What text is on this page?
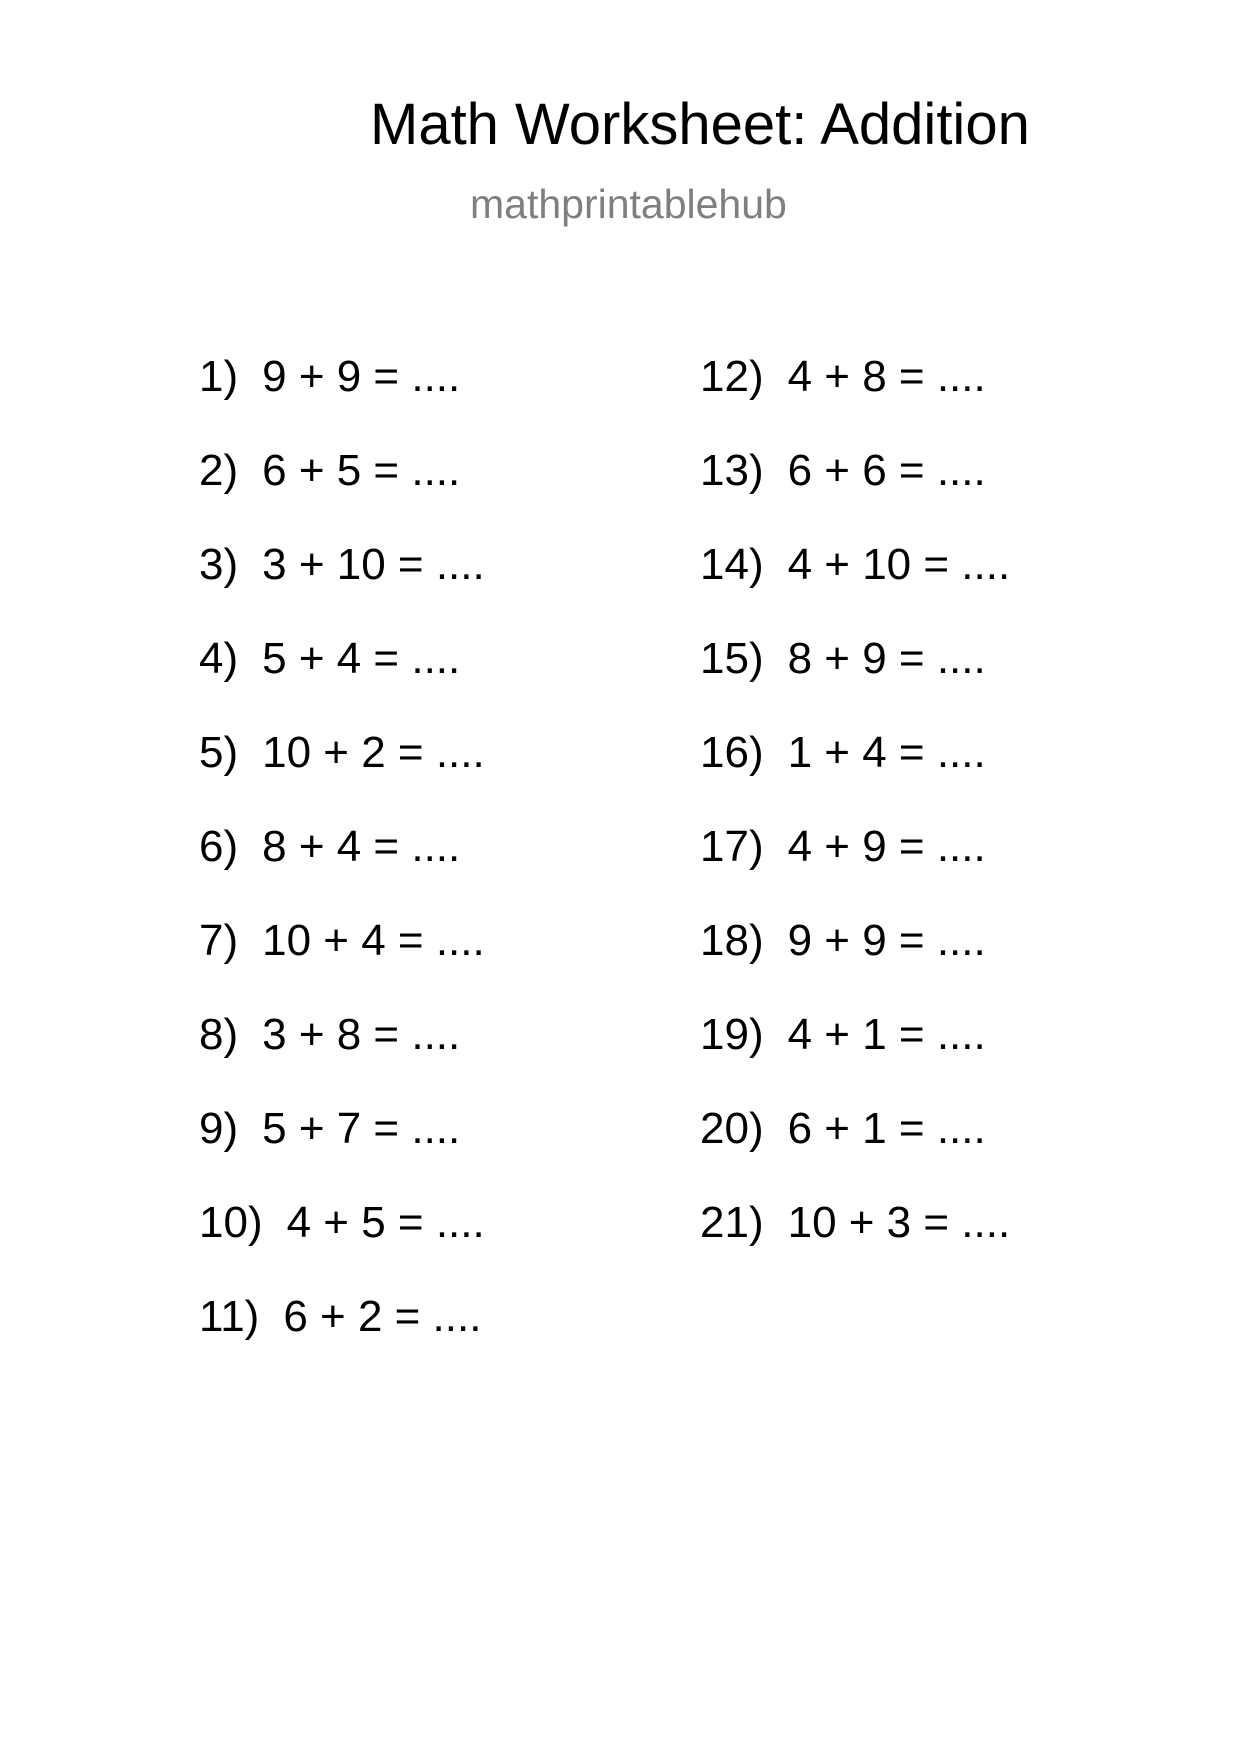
Math Worksheet: Addition
mathprintablehub
1) 9 + 9 = ....
2) 6 + 5 = ....
3) 3 + 10 = ....
4) 5 + 4 = ....
5) 10 + 2 = ....
6) 8 + 4 = ....
7) 10 + 4 = ....
8) 3 + 8 = ....
9) 5 + 7 = ....
10) 4 + 5 = ....
11) 6 + 2 = ....
12) 4 + 8 = ....
13) 6 + 6 = ....
14) 4 + 10 = ....
15) 8 + 9 = ....
16) 1 + 4 = ....
17) 4 + 9 = ....
18) 9 + 9 = ....
19) 4 + 1 = ....
20) 6 + 1 = ....
21) 10 + 3 = ....
